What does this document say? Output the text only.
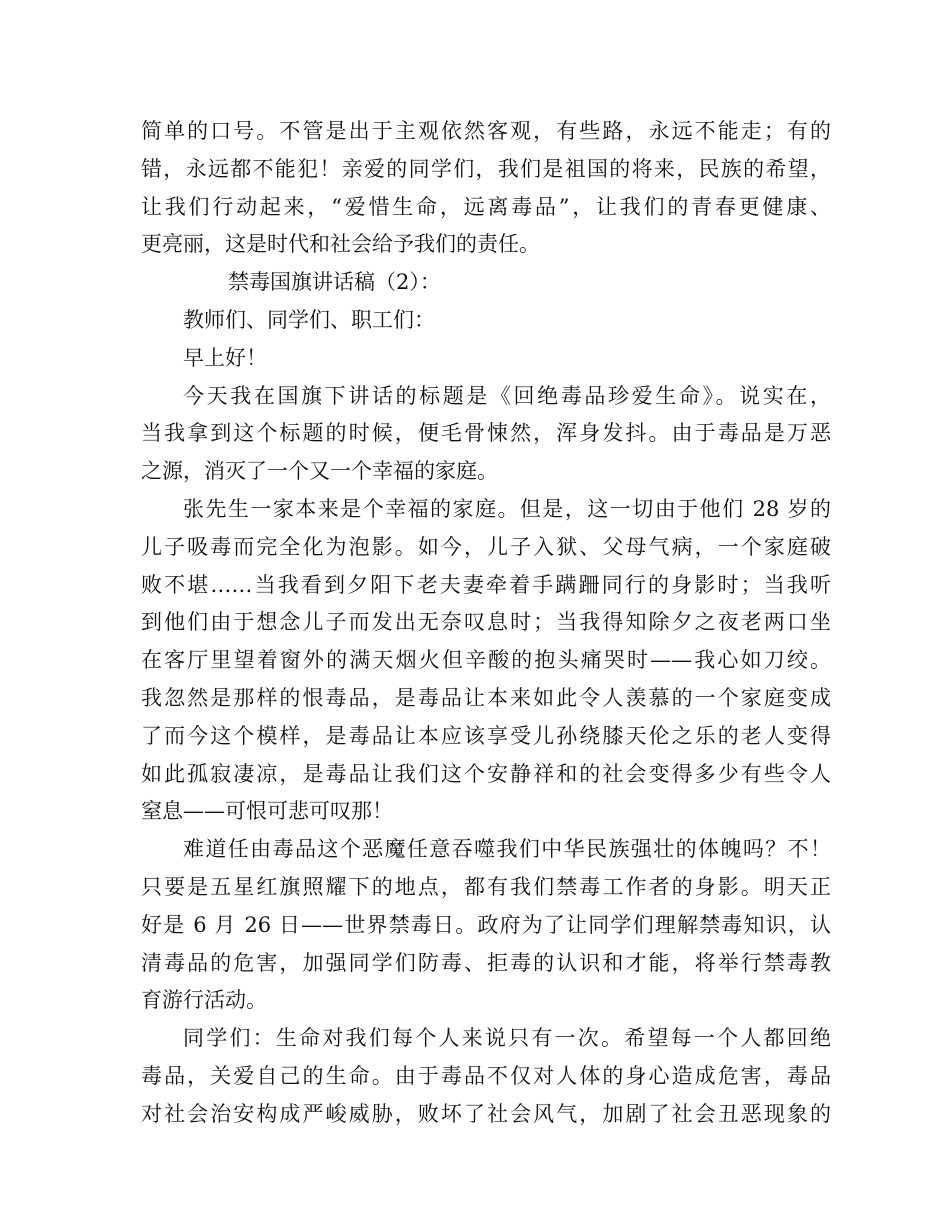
简单的口号。不管是出于主观依然客观，有些路，永远不能走；有的
错，永远都不能犯！亲爱的同学们，我们是祖国的将来，民族的希望，
让我们行动起来，“爱惜生命，远离毒品”，让我们的青春更健康、
更亮丽，这是时代和社会给予我们的责任。
禁毒国旗讲话稿（2）：
教师们、同学们、职工们：
早上好！
今天我在国旗下讲话的标题是《回绝毒品珍爱生命》。说实在，
当我拿到这个标题的时候，便毛骨悚然，浑身发抖。由于毒品是万恶
之源，消灭了一个又一个幸福的家庭。
张先生一家本来是个幸福的家庭。但是，这一切由于他们 28 岁的
儿子吸毒而完全化为泡影。如今，儿子入狱、父母气病，一个家庭破
败不堪……当我看到夕阳下老夫妻牵着手蹒跚同行的身影时；当我听
到他们由于想念儿子而发出无奈叹息时；当我得知除夕之夜老两口坐
在客厅里望着窗外的满天烟火但辛酸的抱头痛哭时——我心如刀绞。
我忽然是那样的恨毒品，是毒品让本来如此令人羡慕的一个家庭变成
了而今这个模样，是毒品让本应该享受儿孙绕膝天伦之乐的老人变得
如此孤寂凄凉，是毒品让我们这个安静祥和的社会变得多少有些令人
窒息——可恨可悲可叹那！
难道任由毒品这个恶魔任意吞噬我们中华民族强壮的体魄吗？不！
只要是五星红旗照耀下的地点，都有我们禁毒工作者的身影。明天正
好是 6 月 26 日——世界禁毒日。政府为了让同学们理解禁毒知识，认
清毒品的危害，加强同学们防毒、拒毒的认识和才能，将举行禁毒教
育游行活动。
同学们：生命对我们每个人来说只有一次。希望每一个人都回绝
毒品，关爱自己的生命。由于毒品不仅对人体的身心造成危害，毒品
对社会治安构成严峻威胁，败坏了社会风气，加剧了社会丑恶现象的
